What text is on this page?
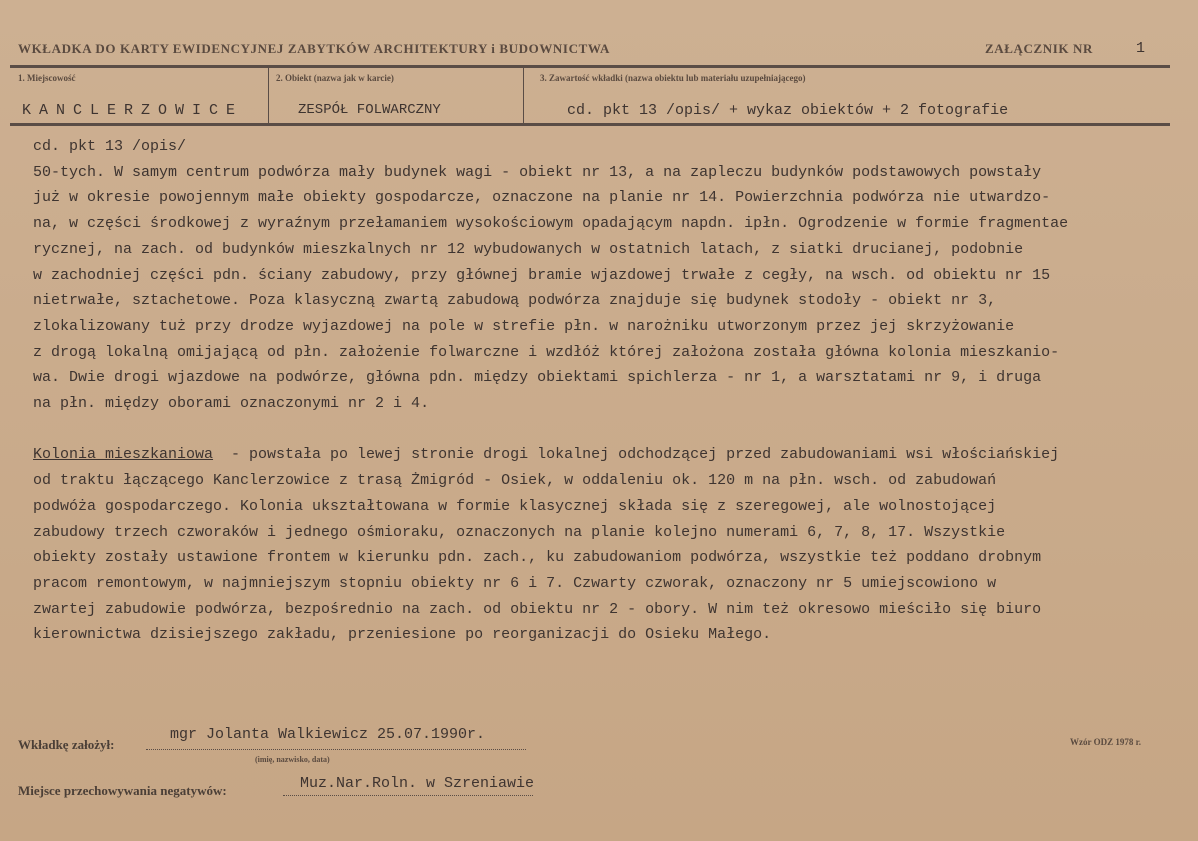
WKŁADKA DO KARTY EWIDENCYJNEJ ZABYTKÓW ARCHITEKTURY i BUDOWNICTWA	ZAŁĄCZNIK NR	1
1. Miejscowość
KANCLERZOWICE
2. Obiekt (nazwa jak w karcie)
ZESPÓŁ FOLWARCZNY
3. Zawartość wkładki (nazwa obiektu lub materiału uzupełniającego)
cd. pkt 13 /opis/ + wykaz obiektów + 2 fotografie
cd. pkt 13 /opis/
50-tych. W samym centrum podwórza mały budynek wagi - obiekt nr 13, a na zapleczu budynków podstawowych powstały
już w okresie powojennym małe obiekty gospodarcze, oznaczone na planie nr 14. Powierzchnia podwórza nie utwardzo-
na, w części środkowej z wyraźnym przełamaniem wysokościowym opadającym napdn. ipłn. Ogrodzenie w formie fragmentae
rycznej, na zach. od budynków mieszkalnych nr 12 wybudowanych w ostatnich latach, z siatki drucianej, podobnie
w zachodniej części pdn. ściany zabudowy, przy głównej bramie wjazdowej trwałe z cegły, na wsch. od obiektu nr 15
nietrwałe, sztachetowe. Poza klasyczną zwartą zabudową podwórza znajduje się budynek stodoły - obiekt nr 3,
zlokalizowany tuż przy drodze wyjazdowej na pole w strefie płn. w narożniku utworzonym przez jej skrzyżowanie
z drogą lokalną omijającą od płn. założenie folwarczne i wzdłóż której założona została główna kolonia mieszkanio-
wa. Dwie drogi wjazdowe na podwórze, główna pdn. między obiektami spichlerza - nr 1, a warsztatami nr 9, i druga
na płn. między oborami oznaczonymi nr 2 i 4.
Kolonia mieszkaniowa  - powstała po lewej stronie drogi lokalnej odchodzącej przed zabudowaniami wsi włościańskiej
od traktu łączącego Kanclerzowice z trasą Żmigród - Osiek, w oddaleniu ok. 120 m na płn. wsch. od zabudowań
podwóża gospodarczego. Kolonia ukształtowana w formie klasycznej składa się z szeregowej, ale wolnostojącej
zabudowy trzech czworaków i jednego ośmioraku, oznaczonych na planie kolejno numerami 6, 7, 8, 17. Wszystkie
obiekty zostały ustawione frontem w kierunku pdn. zach., ku zabudowaniom podwórza, wszystkie też poddano drobnym
pracom remontowym, w najmniejszym stopniu obiekty nr 6 i 7. Czwarty czworak, oznaczony nr 5 umiejscowiono w
zwartej zabudowie podwórza, bezpośrednio na zach. od obiektu nr 2 - obory. W nim też okresowo mieściło się biuro
kierownictwa dzisiejszego zakładu, przeniesione po reorganizacji do Osieku Małego.
Wkładkę założył:
mgr Jolanta Walkiewicz 25.07.1990r.
(imię, nazwisko, data)
Wzór ODZ 1978 r.
Miejsce przechowywania negatywów:	Muz.Nar.Roln. w Szreniawie
